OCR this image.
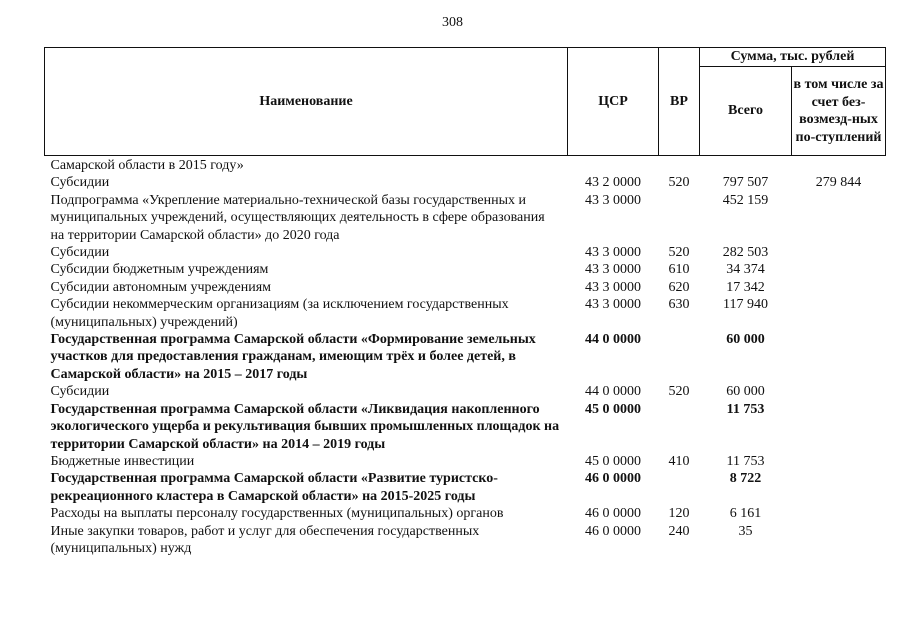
308
Наименование	ЦСР	ВР	Сумма, тыс. рублей	
			Всего	в том числе за счет без-возмезд-ных по-ступлений
Самарской области в 2015 году»				
Субсидии	43 2 0000	520	797 507	279 844
Подпрограмма «Укрепление материально-технической базы государственных и муниципальных учреждений, осуществляющих деятельность в сфере образования на территории Самарской области» до 2020 года	43 3 0000		452 159	
Субсидии	43 3 0000	520	282 503	
Субсидии бюджетным учреждениям	43 3 0000	610	34 374	
Субсидии автономным учреждениям	43 3 0000	620	17 342	
Субсидии некоммерческим организациям (за исключением государственных (муниципальных) учреждений)	43 3 0000	630	117 940	
Государственная программа Самарской области «Формирование земельных участков для предоставления гражданам, имеющим трёх и более детей, в Самарской области» на 2015 – 2017 годы	44 0 0000		60 000	
Субсидии	44 0 0000	520	60 000	
Государственная программа Самарской области «Ликвидация накопленного экологического ущерба и рекультивация бывших промышленных площадок на территории Самарской области» на 2014 – 2019 годы	45 0 0000		11 753	
Бюджетные инвестиции	45 0 0000	410	11 753	
Государственная программа Самарской области «Развитие туристско-рекреационного кластера в Самарской области» на 2015-2025 годы	46 0 0000		8 722	
Расходы на выплаты персоналу государственных (муниципальных) органов	46 0 0000	120	6 161	
Иные закупки товаров, работ и услуг для обеспечения государственных (муниципальных) нужд	46 0 0000	240	35	
